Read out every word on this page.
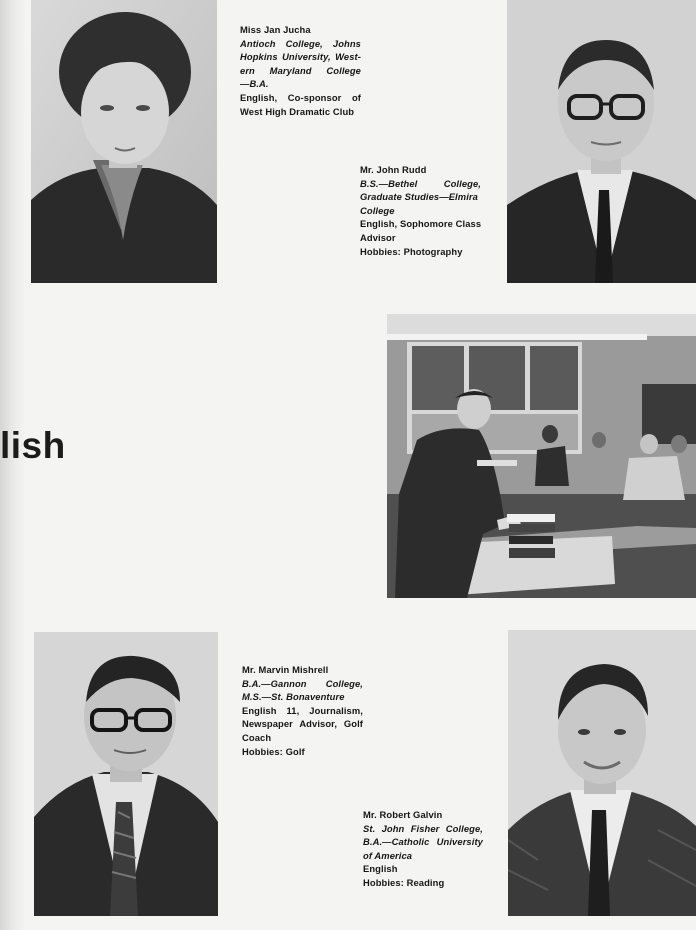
Miss Jan Jucha
Antioch College, Johns
Hopkins University, West-
ern Maryland College
—B.A.
English, Co-sponsor of
West High Dramatic Club
Mr. John Rudd
B.S.—Bethel College,
Graduate Studies—Elmira
College
English, Sophomore Class
Advisor
Hobbies: Photography
lish
Mr. Marvin Mishrell
B.A.—Gannon College,
M.S.—St. Bonaventure
English 11, Journalism,
Newspaper Advisor, Golf
Coach
Hobbies: Golf
Mr. Robert Galvin
St. John Fisher College,
B.A.—Catholic University
of America
English
Hobbies: Reading
